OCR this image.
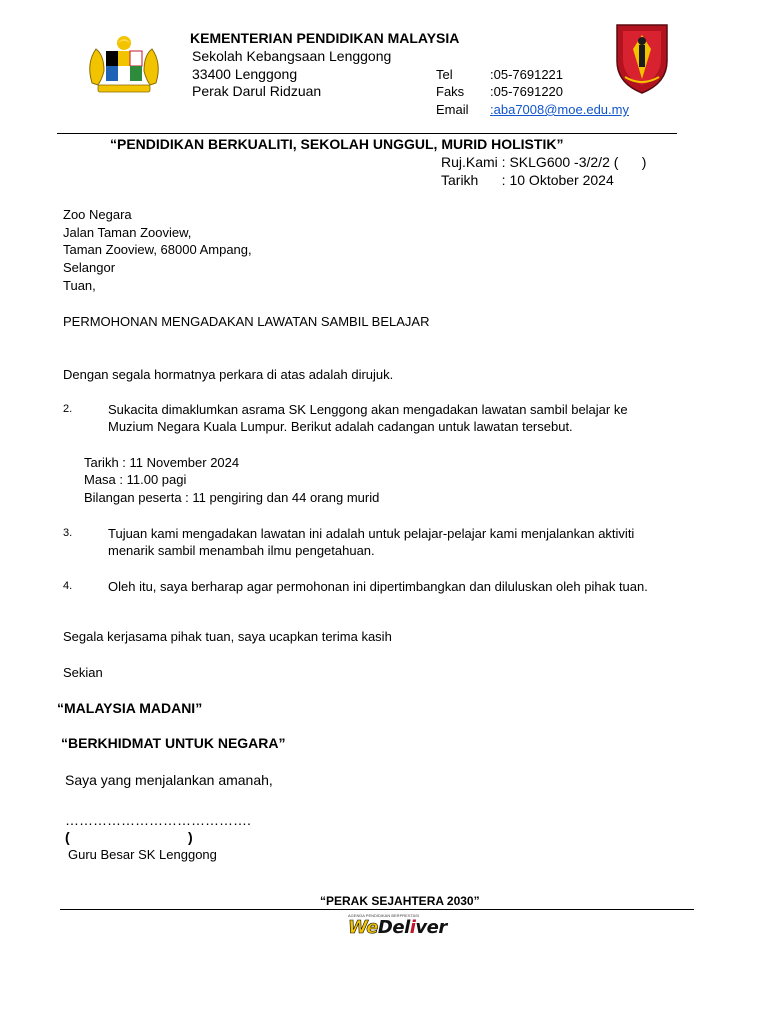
KEMENTERIAN PENDIDIKAN MALAYSIA
Sekolah Kebangsaan Lenggong
33400 Lenggong
Perak Darul Ridzuan
Tel	:05-7691221
Faks :05-7691220
Email :aba7008@moe.edu.my
“PENDIDIKAN BERKUALITI, SEKOLAH UNGGUL, MURID HOLISTIK”
Ruj.Kami : SKLG600 -3/2/2 (      )
Tarikh      : 10 Oktober 2024
Zoo Negara
Jalan Taman Zooview,
Taman Zooview, 68000 Ampang,
Selangor
Tuan,
PERMOHONAN MENGADAKAN LAWATAN SAMBIL BELAJAR
Dengan segala hormatnya perkara di atas adalah dirujuk.
2.	Sukacita dimaklumkan asrama SK Lenggong akan mengadakan lawatan sambil belajar ke Muzium Negara Kuala Lumpur. Berikut adalah cadangan untuk lawatan tersebut.
Tarikh : 11 November 2024
Masa : 11.00 pagi
Bilangan peserta : 11 pengiring dan 44 orang murid
3.	Tujuan kami mengadakan lawatan ini adalah untuk pelajar-pelajar kami menjalankan aktiviti menarik sambil menambah ilmu pengetahuan.
4.	Oleh itu, saya berharap agar permohonan ini dipertimbangkan dan diluluskan oleh pihak tuan.
Segala kerjasama pihak tuan, saya ucapkan terima kasih
Sekian
“MALAYSIA MADANI”
“BERKHIDMAT UNTUK NEGARA”
Saya yang menjalankan amanah,
………………………………….
(	)
Guru Besar SK Lenggong
“PERAK SEJAHTERA 2030”
AGENDA PENDIDIKAN BERPRESTASI
WeDeliver
